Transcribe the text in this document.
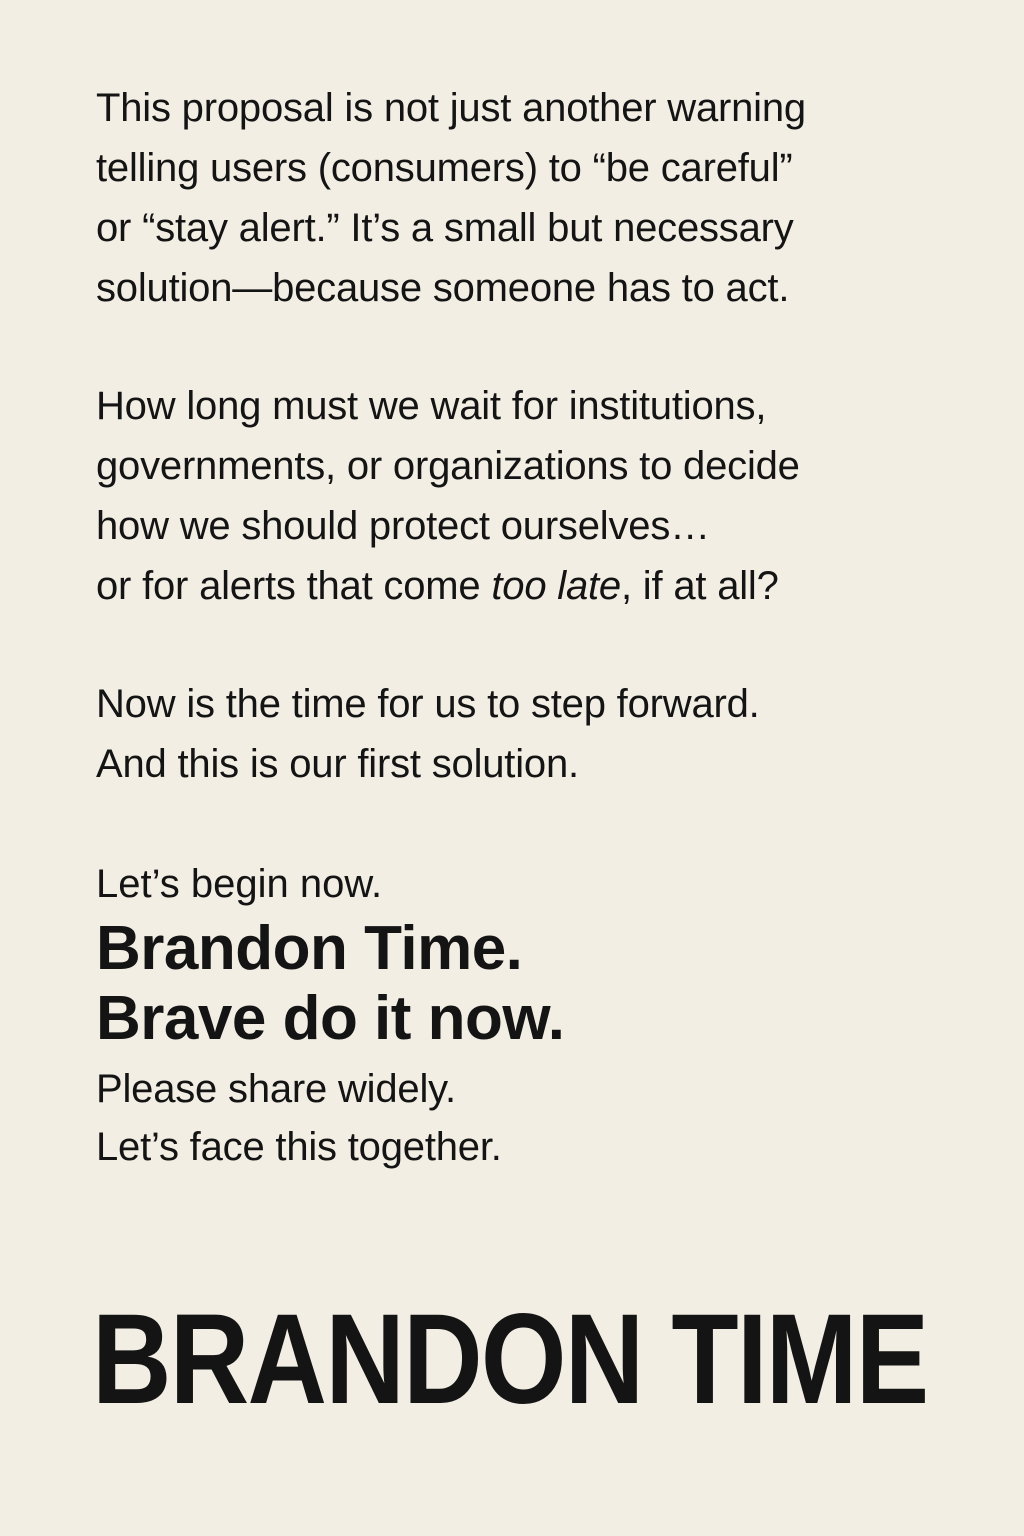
This proposal is not just another warning
telling users (consumers) to “be careful”
or “stay alert.” It’s a small but necessary
solution—because someone has to act.

How long must we wait for institutions,
governments, or organizations to decide
how we should protect ourselves…
or for alerts that come too late, if at all?

Now is the time for us to step forward.
And this is our first solution.

Let’s begin now.
Brandon Time.
Brave do it now.

Please share widely.
Let’s face this together.

BRANDON TIME
